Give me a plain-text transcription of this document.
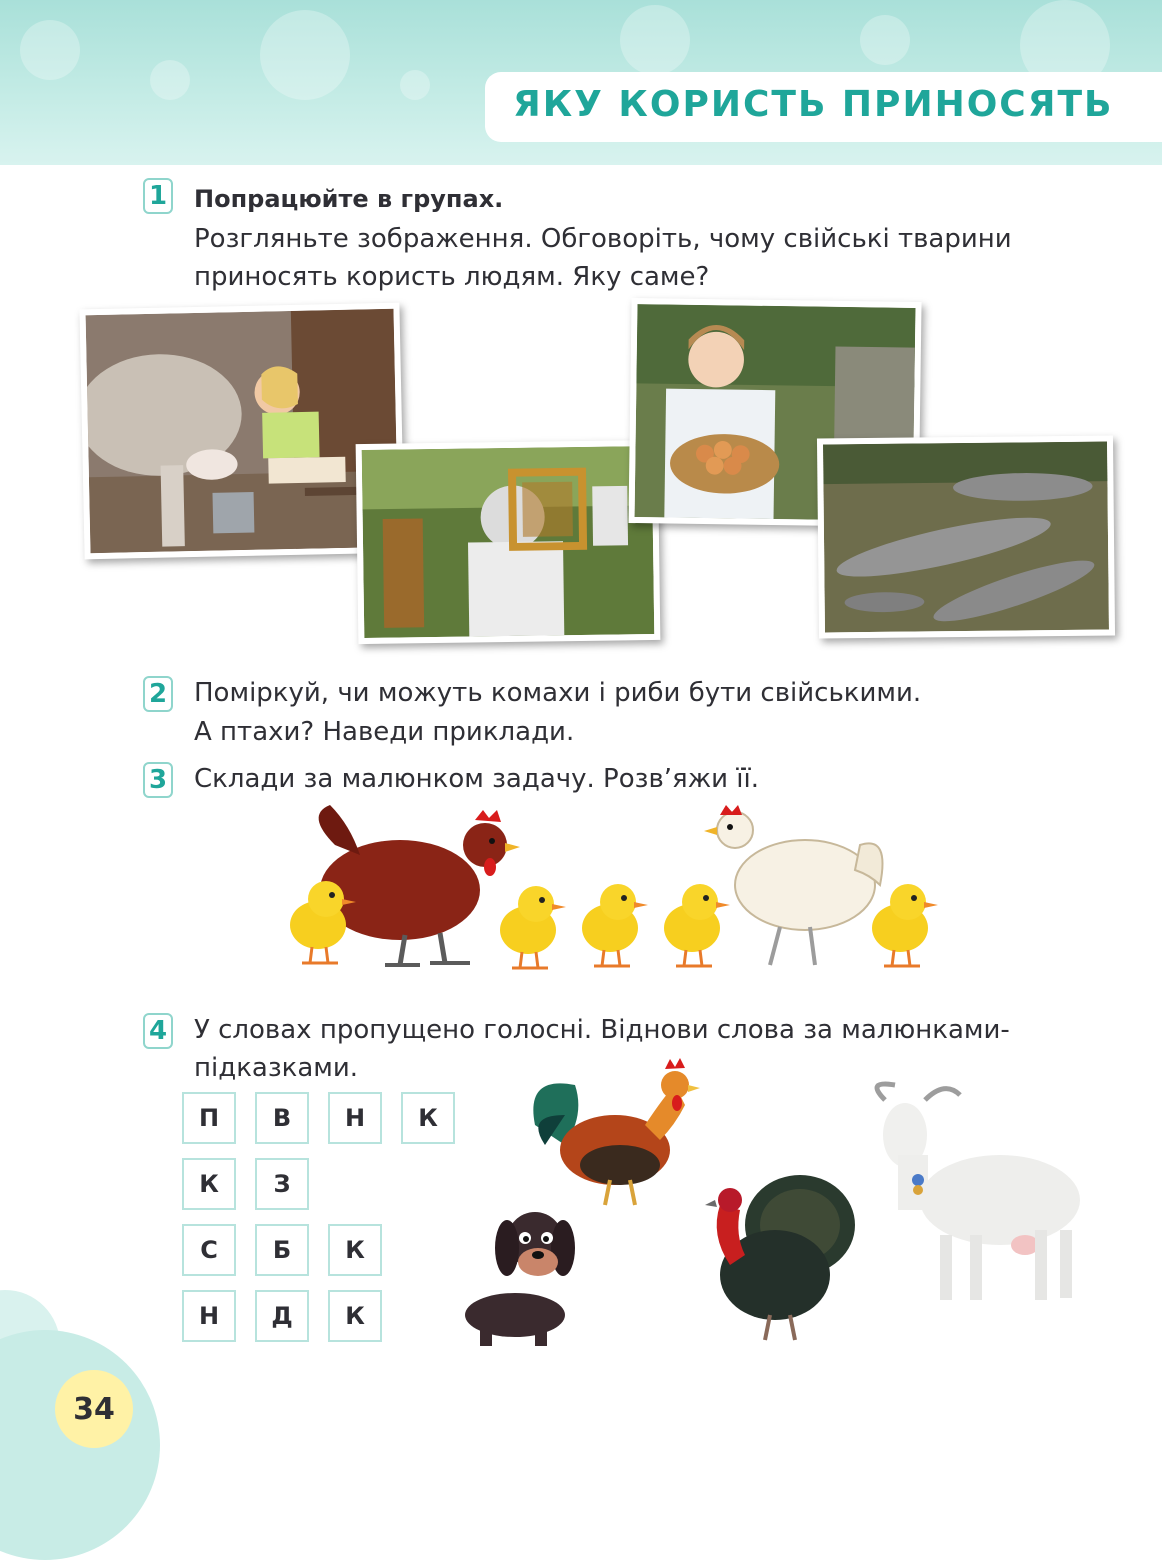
ЯКУ КОРИСТЬ ПРИНОСЯТЬ
1 Попрацюйте в групах.
Розгляньте зображення. Обговоріть, чому свійські тварини
приносять користь людям. Яку саме?
2 Поміркуй, чи можуть комахи і риби бути свійськими.
А птахи? Наведи приклади.
3 Склади за малюнком задачу. Розв’яжи її.
4 У словах пропущено голосні. Віднови слова за малюнками-
підказками.
П	В	Н	К
К	З
С	Б	К
Н	Д	К
34
